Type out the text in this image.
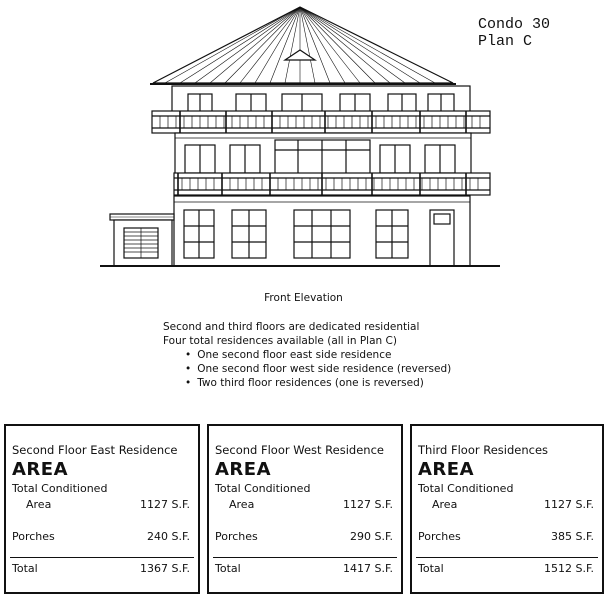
Condo 30
Plan C
Front Elevation
Second and third floors are dedicated residential
Four total residences available (all in Plan C)
• One second floor east side residence
• One second floor west side residence (reversed)
• Two third floor residences (one is reversed)
Second Floor East Residence
AREA
Total Conditioned
Area	1127 S.F.
Porches	240 S.F.
Total	1367 S.F.
Second Floor West Residence
AREA
Total Conditioned
Area	1127 S.F.
Porches	290 S.F.
Total	1417 S.F.
Third Floor Residences
AREA
Total Conditioned
Area	1127 S.F.
Porches	385 S.F.
Total	1512 S.F.
